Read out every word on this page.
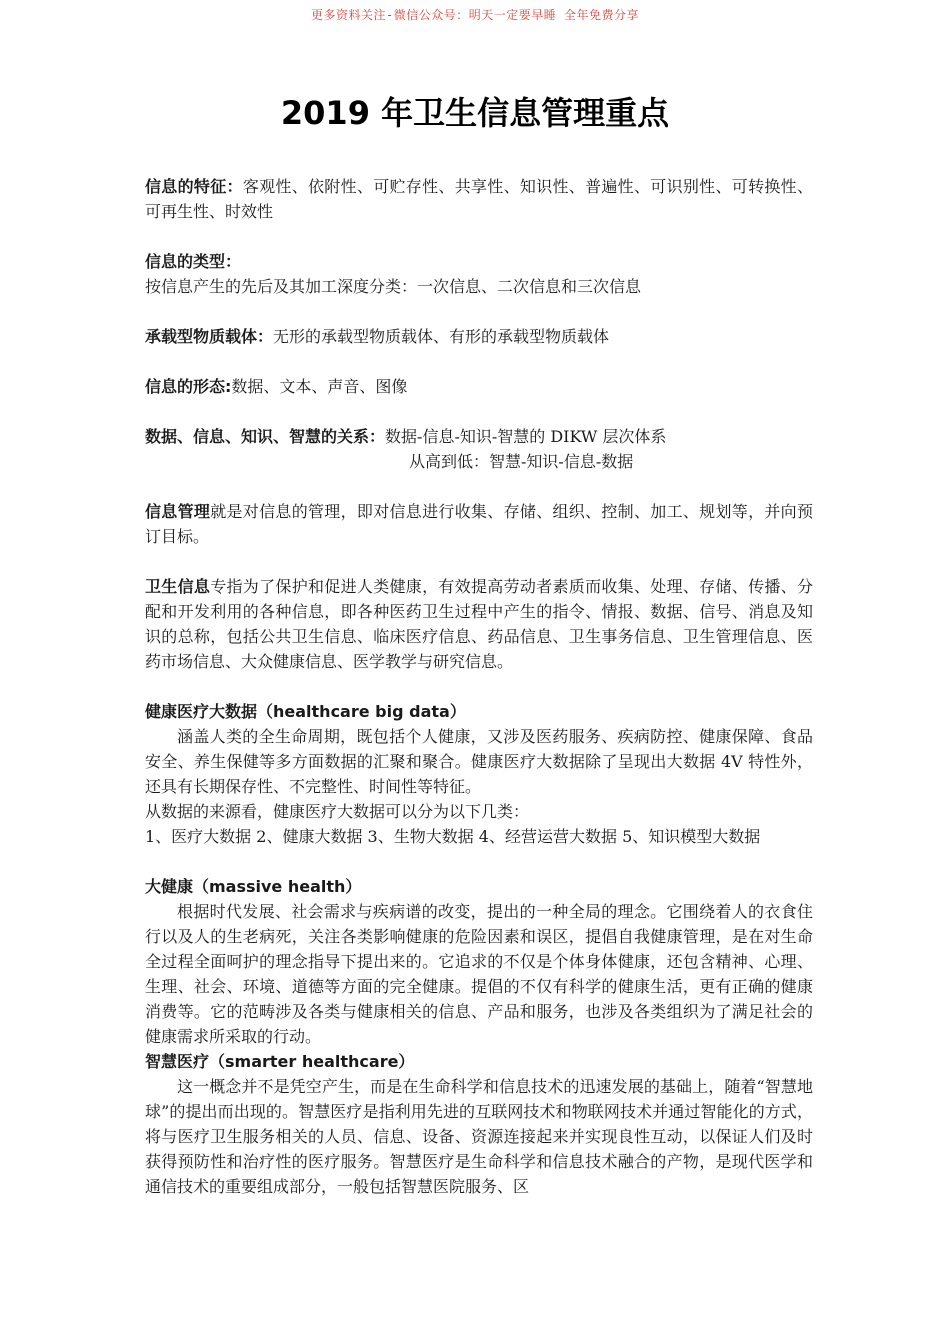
更多资料关注-微信公众号：明天一定要早睡 全年免费分享
2019 年卫生信息管理重点

信息的特征：客观性、依附性、可贮存性、共享性、知识性、普遍性、可识别性、可转换性、可再生性、时效性

信息的类型：

按信息产生的先后及其加工深度分类：一次信息、二次信息和三次信息

承载型物质载体：无形的承载型物质载体、有形的承载型物质载体

信息的形态:数据、文本、声音、图像

数据、信息、知识、智慧的关系：数据-信息-知识-智慧的 DIKW 层次体系

从高到低：智慧-知识-信息-数据

信息管理就是对信息的管理，即对信息进行收集、存储、组织、控制、加工、规划等，并向预订目标。

卫生信息专指为了保护和促进人类健康，有效提高劳动者素质而收集、处理、存储、传播、分配和开发利用的各种信息，即各种医药卫生过程中产生的指令、情报、数据、信号、消息及知识的总称，包括公共卫生信息、临床医疗信息、药品信息、卫生事务信息、卫生管理信息、医药市场信息、大众健康信息、医学教学与研究信息。

健康医疗大数据（healthcare big data）

涵盖人类的全生命周期，既包括个人健康，又涉及医药服务、疾病防控、健康保障、食品安全、养生保健等多方面数据的汇聚和聚合。健康医疗大数据除了呈现出大数据 4V 特性外，还具有长期保存性、不完整性、时间性等特征。

从数据的来源看，健康医疗大数据可以分为以下几类：

1、医疗大数据 2、健康大数据 3、生物大数据 4、经营运营大数据 5、知识模型大数据

大健康（massive health）

根据时代发展、社会需求与疾病谱的改变，提出的一种全局的理念。它围绕着人的衣食住行以及人的生老病死，关注各类影响健康的危险因素和误区，提倡自我健康管理，是在对生命全过程全面呵护的理念指导下提出来的。它追求的不仅是个体身体健康，还包含精神、心理、生理、社会、环境、道德等方面的完全健康。提倡的不仅有科学的健康生活，更有正确的健康消费等。它的范畴涉及各类与健康相关的信息、产品和服务，也涉及各类组织为了满足社会的健康需求所采取的行动。

智慧医疗（smarter healthcare）

这一概念并不是凭空产生，而是在生命科学和信息技术的迅速发展的基础上，随着“智慧地球”的提出而出现的。智慧医疗是指利用先进的互联网技术和物联网技术并通过智能化的方式，将与医疗卫生服务相关的人员、信息、设备、资源连接起来并实现良性互动，以保证人们及时获得预防性和治疗性的医疗服务。智慧医疗是生命科学和信息技术融合的产物，是现代医学和通信技术的重要组成部分，一般包括智慧医院服务、区
